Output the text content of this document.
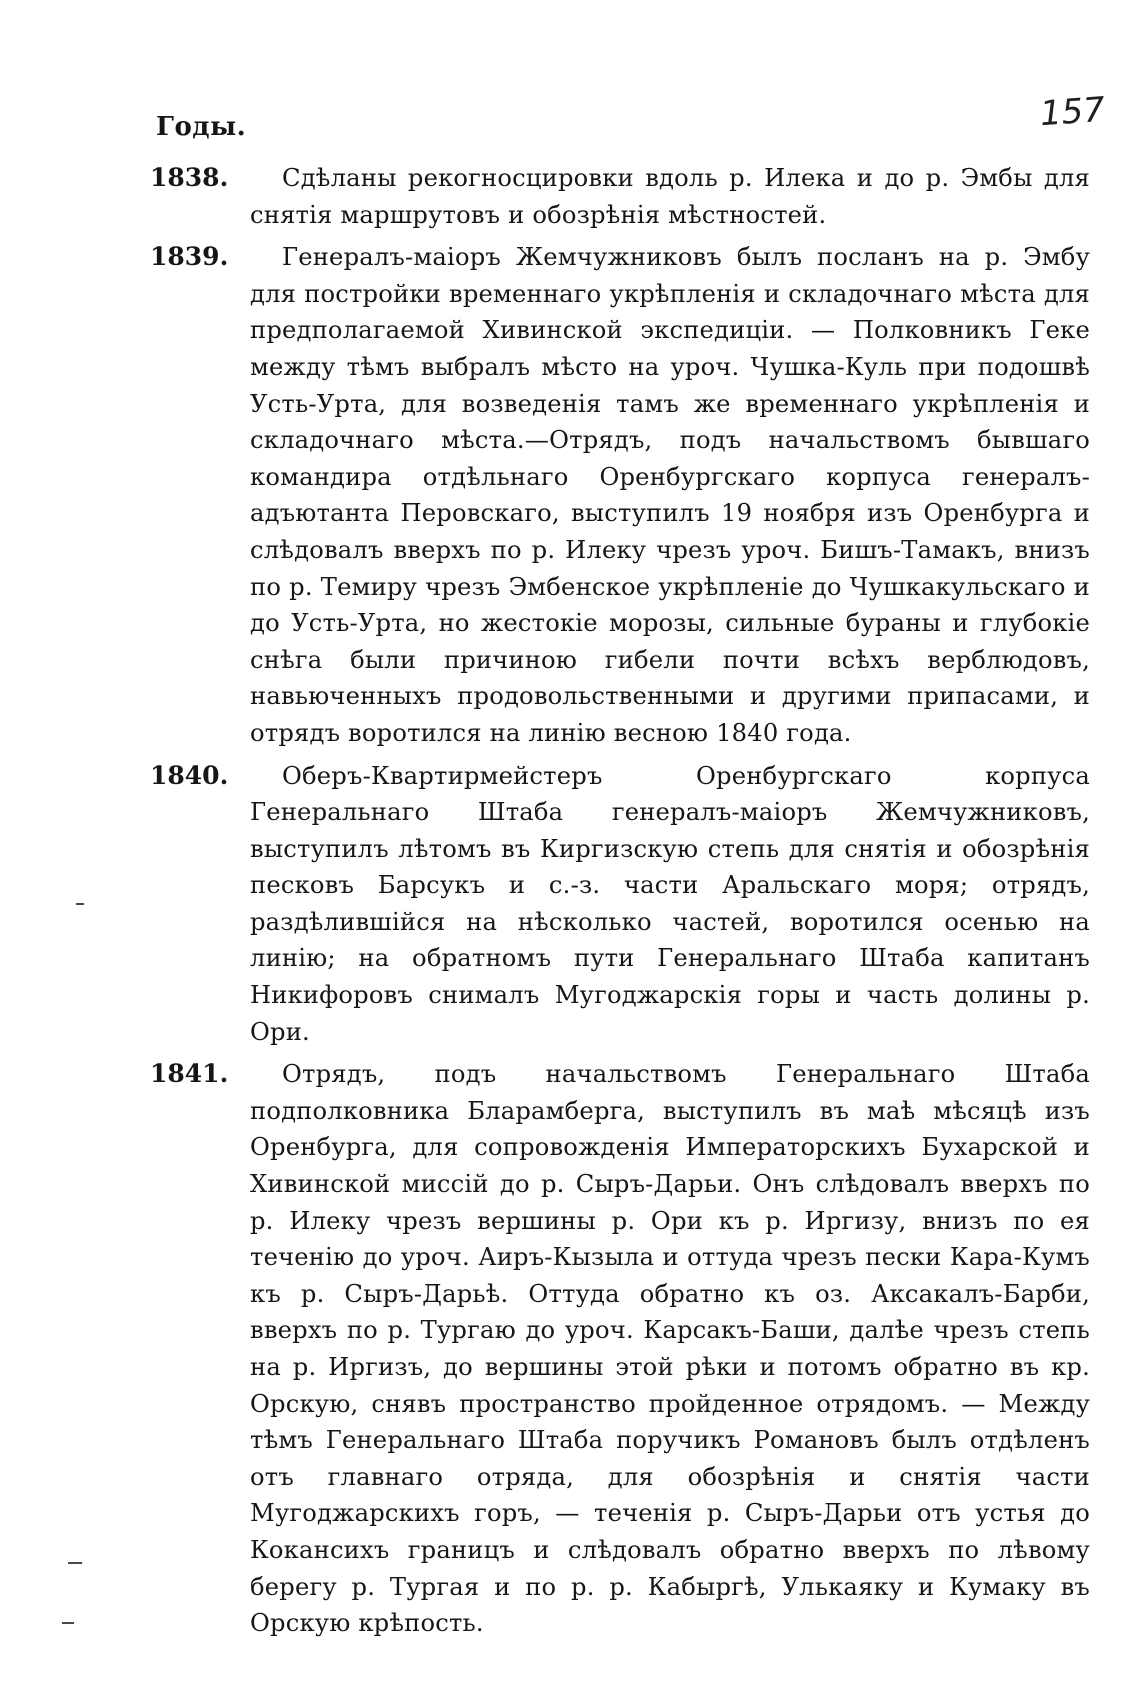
Годы.	157
1838.	Сдѣланы рекогносцировки вдоль р. Илека и до р. Эмбы для снятія маршрутовъ и обозрѣнія мѣстностей.
1839.	Генералъ-маіоръ Жемчужниковъ былъ посланъ на р. Эмбу для постройки временнаго укрѣпленія и складочнаго мѣста для предполагаемой Хивинской экспедиціи. — Полковникъ Геке между тѣмъ выбралъ мѣсто на уроч. Чушка-Куль при подошвѣ Усть-Урта, для возведенія тамъ же временнаго укрѣпленія и складочнаго мѣста.—Отрядъ, подъ начальствомъ бывшаго командира отдѣльнаго Оренбургскаго корпуса генералъ-адъютанта Перовскаго, выступилъ 19 ноября изъ Оренбурга и слѣдовалъ вверхъ по р. Илеку чрезъ уроч. Бишъ-Тамакъ, внизъ по р. Темиру чрезъ Эмбенское укрѣпленіе до Чушкакульскаго и до Усть-Урта, но жестокіе морозы, сильные бураны и глубокіе снѣга были причиною гибели почти всѣхъ верблюдовъ, навьюченныхъ продовольственными и другими припасами, и отрядъ воротился на линію весною 1840 года.
1840.	Оберъ-Квартирмейстеръ Оренбургскаго корпуса Генеральнаго Штаба генералъ-маіоръ Жемчужниковъ, выступилъ лѣтомъ въ Киргизскую степь для снятія и обозрѣнія песковъ Барсукъ и с.-з. части Аральскаго моря; отрядъ, раздѣлившійся на нѣсколько частей, воротился осенью на линію; на обратномъ пути Генеральнаго Штаба капитанъ Никифоровъ снималъ Мугоджарскія горы и часть долины р. Ори.
1841.	Отрядъ, подъ начальствомъ Генеральнаго Штаба подполковника Бларамберга, выступилъ въ маѣ мѣсяцѣ изъ Оренбурга, для сопровожденія Императорскихъ Бухарской и Хивинской миссій до р. Сыръ-Дарьи. Онъ слѣдовалъ вверхъ по р. Илеку чрезъ вершины р. Ори къ р. Иргизу, внизъ по ея теченію до уроч. Аиръ-Кызыла и оттуда чрезъ пески Кара-Кумъ къ р. Сыръ-Дарьѣ. Оттуда обратно къ оз. Аксакалъ-Барби, вверхъ по р. Тургаю до уроч. Карсакъ-Баши, далѣе чрезъ степь на р. Иргизъ, до вершины этой рѣки и потомъ обратно въ кр. Орскую, снявъ пространство пройденное отрядомъ. — Между тѣмъ Генеральнаго Штаба поручикъ Романовъ былъ отдѣленъ отъ главнаго отряда, для обозрѣнія и снятія части Мугоджарскихъ горъ, — теченія р. Сыръ-Дарьи отъ устья до Кокансихъ границъ и слѣдовалъ обратно вверхъ по лѣвому берегу р. Тургая и по р. р. Кабыргѣ, Улькаяку и Кумаку въ Орскую крѣпость.
